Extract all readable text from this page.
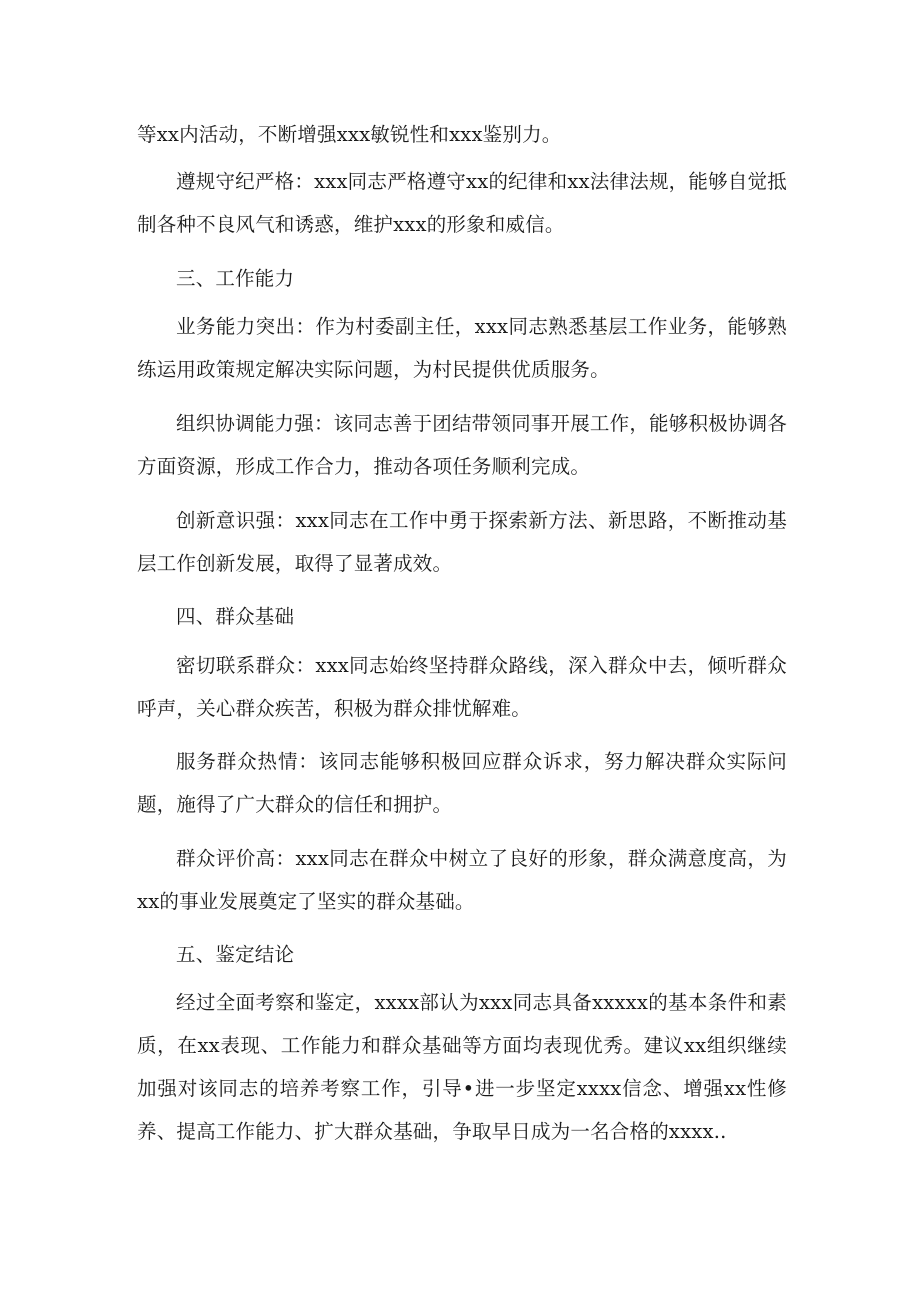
等xx内活动，不断增强xxx敏锐性和xxx鉴别力。

遵规守纪严格：xxx同志严格遵守xx的纪律和xx法律法规，能够自觉抵制各种不良风气和诱惑，维护xxx的形象和威信。

三、工作能力

业务能力突出：作为村委副主任，xxx同志熟悉基层工作业务，能够熟练运用政策规定解决实际问题，为村民提供优质服务。

组织协调能力强：该同志善于团结带领同事开展工作，能够积极协调各方面资源，形成工作合力，推动各项任务顺利完成。

创新意识强：xxx同志在工作中勇于探索新方法、新思路，不断推动基层工作创新发展，取得了显著成效。

四、群众基础

密切联系群众：xxx同志始终坚持群众路线，深入群众中去，倾听群众呼声，关心群众疾苦，积极为群众排忧解难。

服务群众热情：该同志能够积极回应群众诉求，努力解决群众实际问题，施得了广大群众的信任和拥护。

群众评价高：xxx同志在群众中树立了良好的形象，群众满意度高，为xx的事业发展奠定了坚实的群众基础。

五、鉴定结论

经过全面考察和鉴定，xxxx部认为xxx同志具备xxxxx的基本条件和素质，在xx表现、工作能力和群众基础等方面均表现优秀。建议xx组织继续加强对该同志的培养考察工作，引导•进一步坚定xxxx信念、增强xx性修养、提高工作能力、扩大群众基础，争取早日成为一名合格的xxxx..
